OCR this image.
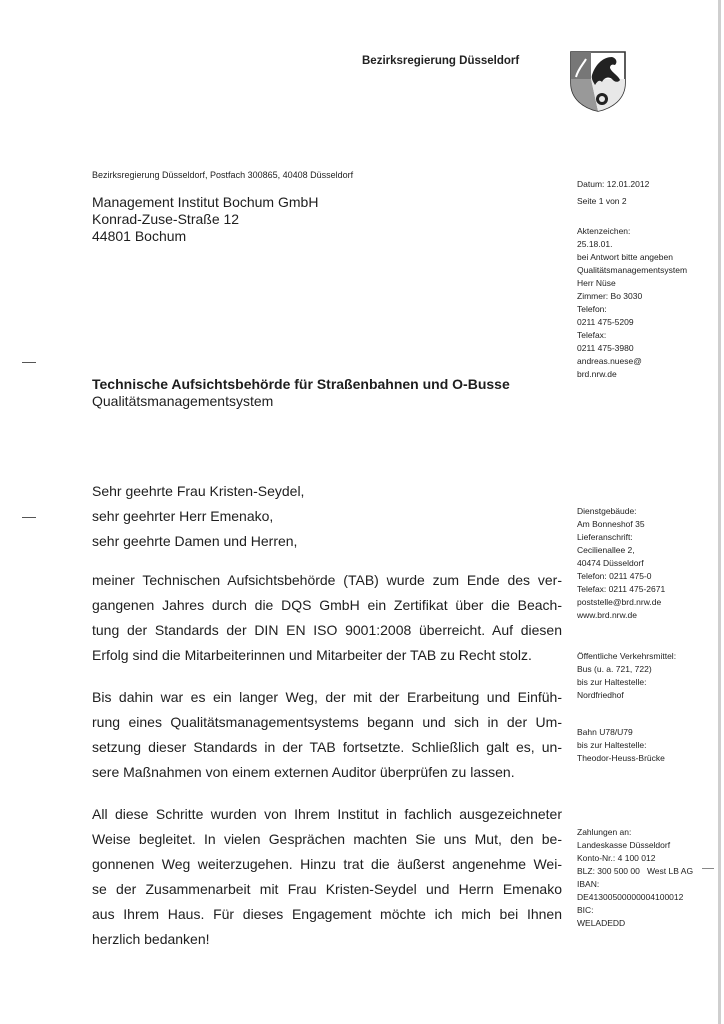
Bezirksregierung Düsseldorf
Bezirksregierung Düsseldorf, Postfach 300865, 40408 Düsseldorf
Management Institut Bochum GmbH
Konrad-Zuse-Straße 12
44801 Bochum
Datum: 12.01.2012
Seite 1 von 2
Aktenzeichen:
25.18.01.
bei Antwort bitte angeben
Qualitätsmanagementsystem
Herr Nüse
Zimmer: Bo 3030
Telefon:
0211 475-5209
Telefax:
0211 475-3980
andreas.nuese@
brd.nrw.de
Dienstgebäude:
Am Bonneshof 35
Lieferanschrift:
Cecilienallee 2,
40474 Düsseldorf
Telefon: 0211 475-0
Telefax: 0211 475-2671
poststelle@brd.nrw.de
www.brd.nrw.de
Öffentliche Verkehrsmittel:
Bus (u. a. 721, 722)
bis zur Haltestelle:
Nordfriedhof
Bahn U78/U79
bis zur Haltestelle:
Theodor-Heuss-Brücke
Zahlungen an:
Landeskasse Düsseldorf
Konto-Nr.: 4 100 012
BLZ: 300 500 00   West LB AG
IBAN:
DE41300500000004100012
BIC:
WELADEDD
Technische Aufsichtsbehörde für Straßenbahnen und O-Busse
Qualitätsmanagementsystem
Sehr geehrte Frau Kristen-Seydel,
sehr geehrter Herr Emenako,
sehr geehrte Damen und Herren,
meiner Technischen Aufsichtsbehörde (TAB) wurde zum Ende des ver-
gangenen Jahres durch die DQS GmbH ein Zertifikat über die Beach-
tung der Standards der DIN EN ISO 9001:2008 überreicht. Auf diesen
Erfolg sind die Mitarbeiterinnen und Mitarbeiter der TAB zu Recht stolz.
Bis dahin war es ein langer Weg, der mit der Erarbeitung und Einfüh-
rung eines Qualitätsmanagementsystems begann und sich in der Um-
setzung dieser Standards in der TAB fortsetzte. Schließlich galt es, un-
sere Maßnahmen von einem externen Auditor überprüfen zu lassen.
All diese Schritte wurden von Ihrem Institut in fachlich ausgezeichneter
Weise begleitet. In vielen Gesprächen machten Sie uns Mut, den be-
gonnenen Weg weiterzugehen. Hinzu trat die äußerst angenehme Wei-
se der Zusammenarbeit mit Frau Kristen-Seydel und Herrn Emenako
aus Ihrem Haus. Für dieses Engagement möchte ich mich bei Ihnen
herzlich bedanken!
